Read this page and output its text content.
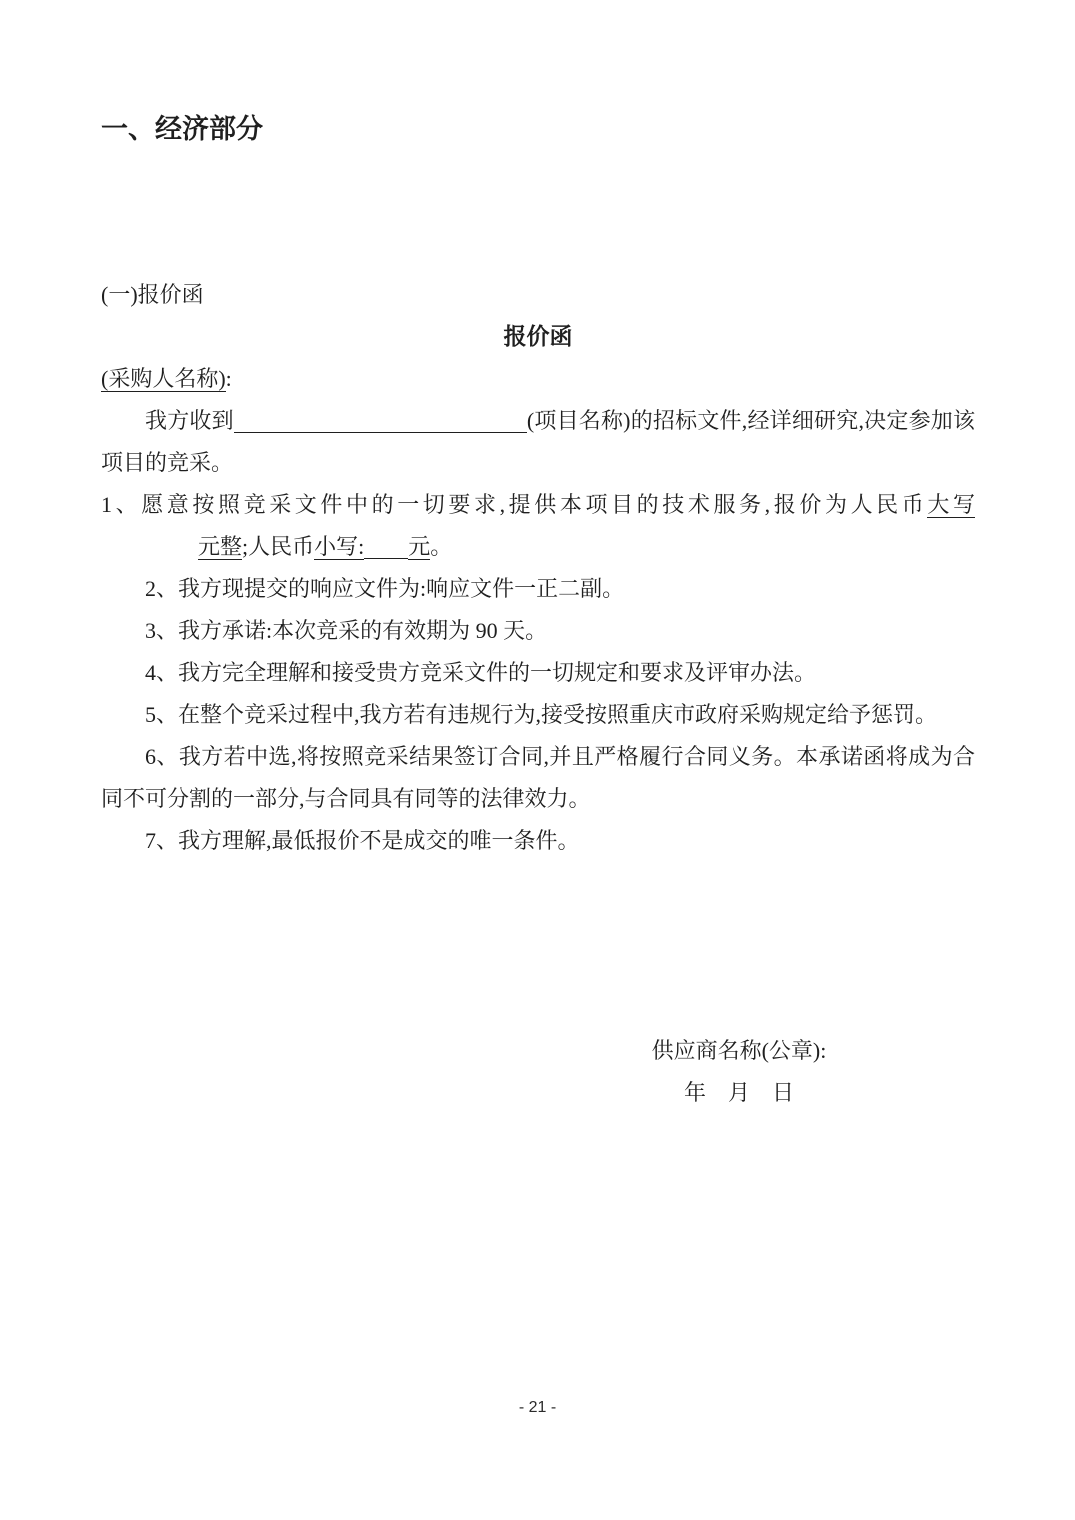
一、经济部分

(一)报价函

报价函

(采购人名称):

我方收到	(项目名称)的招标文件,经详细研究,决定参加该项目的竞采。

1、愿意按照竞采文件中的一切要求,提供本项目的技术服务,报价为人民币大写
元整;人民币小写: 元。

2、我方现提交的响应文件为:响应文件一正二副。

3、我方承诺:本次竞采的有效期为 90 天。

4、我方完全理解和接受贵方竞采文件的一切规定和要求及评审办法。

5、在整个竞采过程中,我方若有违规行为,接受按照重庆市政府采购规定给予惩罚。

6、我方若中选,将按照竞采结果签订合同,并且严格履行合同义务。本承诺函将成为合同不可分割的一部分,与合同具有同等的法律效力。

7、我方理解,最低报价不是成交的唯一条件。

供应商名称(公章):
年　月　日
- 21 -
